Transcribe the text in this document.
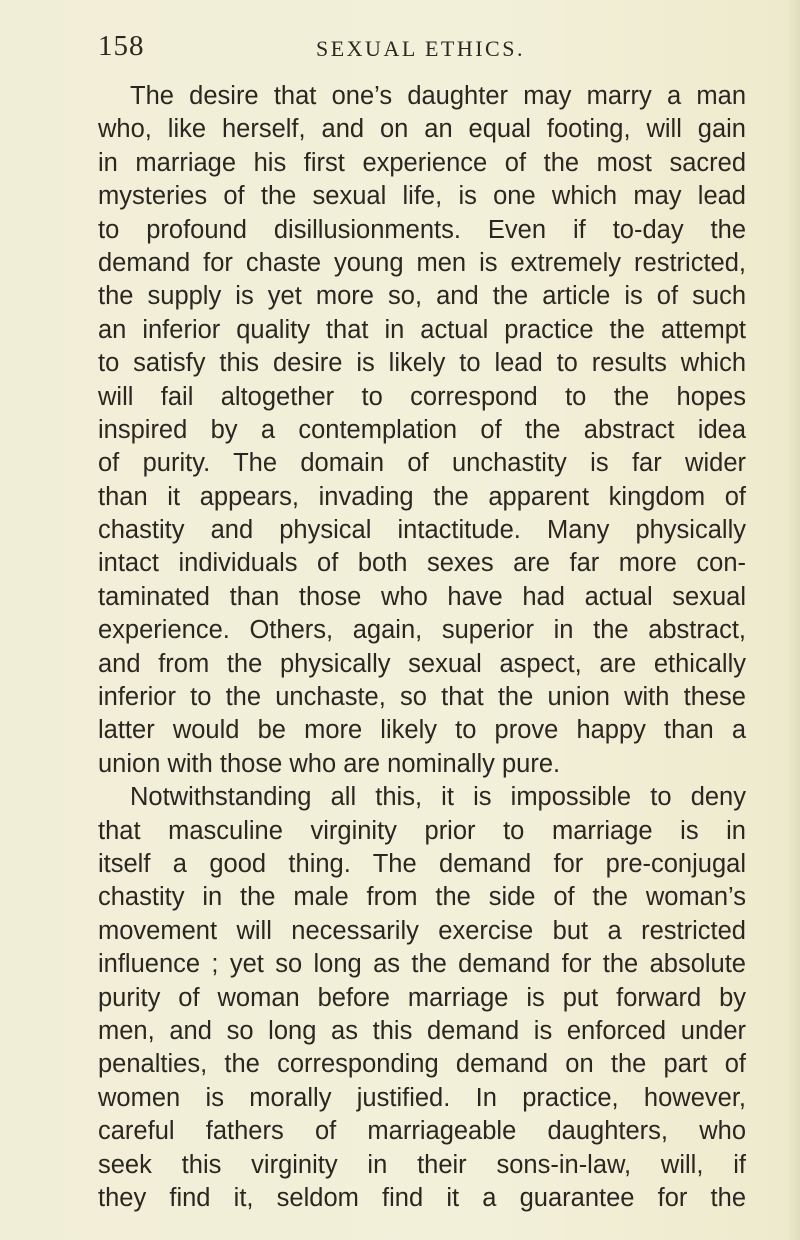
158	SEXUAL ETHICS.
The desire that one’s daughter may marry a man
who, like herself, and on an equal footing, will gain
in marriage his first experience of the most sacred
mysteries of the sexual life, is one which may lead
to profound disillusionments. Even if to-day the
demand for chaste young men is extremely restricted,
the supply is yet more so, and the article is of such
an inferior quality that in actual practice the attempt
to satisfy this desire is likely to lead to results which
will fail altogether to correspond to the hopes
inspired by a contemplation of the abstract idea
of purity. The domain of unchastity is far wider
than it appears, invading the apparent kingdom of
chastity and physical intactitude. Many physically
intact individuals of both sexes are far more con-
taminated than those who have had actual sexual
experience. Others, again, superior in the abstract,
and from the physically sexual aspect, are ethically
inferior to the unchaste, so that the union with these
latter would be more likely to prove happy than a
union with those who are nominally pure.
Notwithstanding all this, it is impossible to deny
that masculine virginity prior to marriage is in
itself a good thing. The demand for pre-conjugal
chastity in the male from the side of the woman’s
movement will necessarily exercise but a restricted
influence ; yet so long as the demand for the absolute
purity of woman before marriage is put forward by
men, and so long as this demand is enforced under
penalties, the corresponding demand on the part of
women is morally justified. In practice, however,
careful fathers of marriageable daughters, who
seek this virginity in their sons-in-law, will, if
they find it, seldom find it a guarantee for the
